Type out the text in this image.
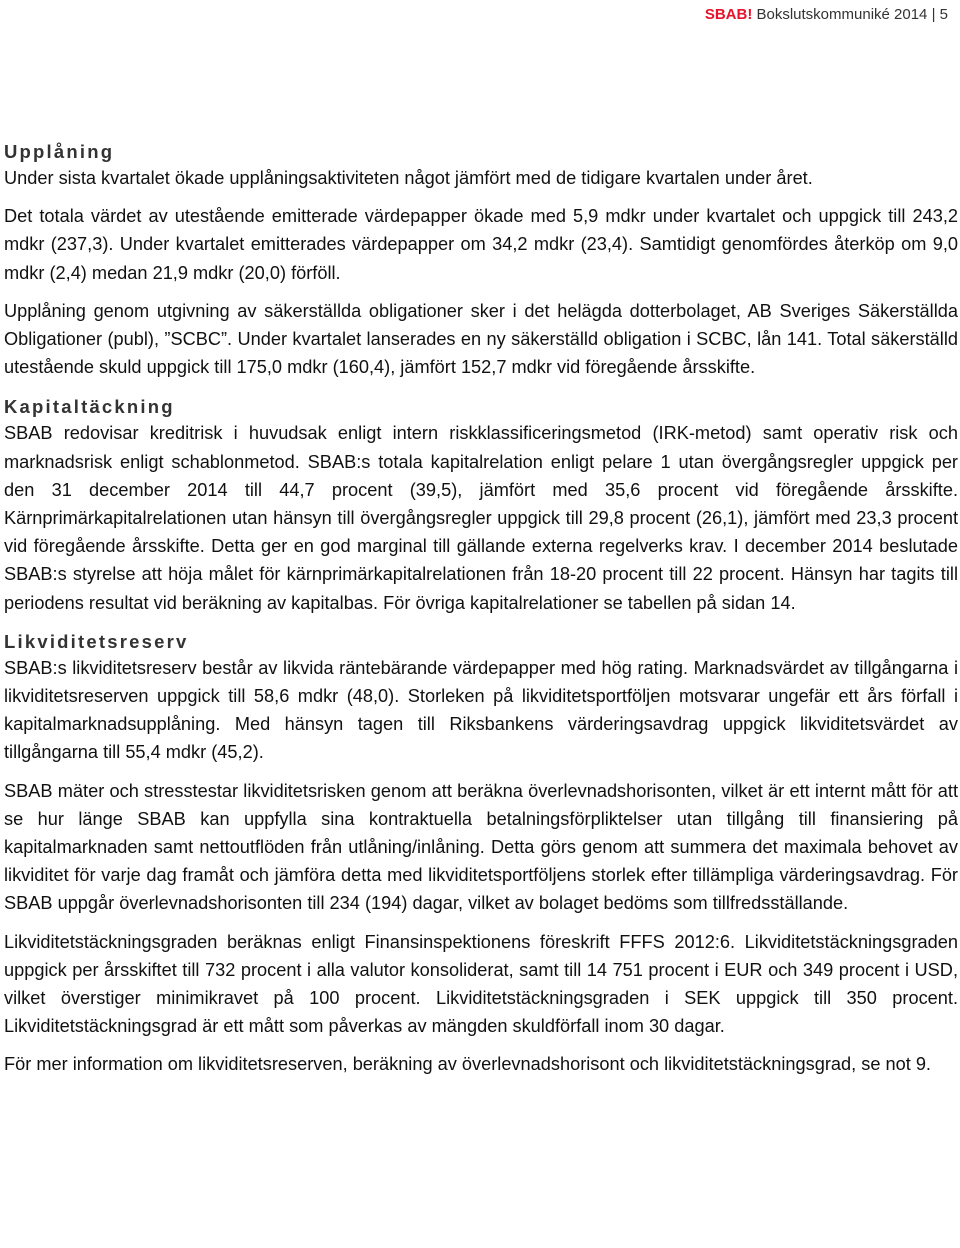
SBAB! Bokslutskommuniké 2014 | 5
Upplåning

Under sista kvartalet ökade upplåningsaktiviteten något jämfört med de tidigare kvartalen under året.

Det totala värdet av utestående emitterade värdepapper ökade med 5,9 mdkr under kvartalet och uppgick till 243,2 mdkr (237,3). Under kvartalet emitterades värdepapper om 34,2 mdkr (23,4). Samtidigt genomfördes återköp om 9,0 mdkr (2,4) medan 21,9 mdkr (20,0) förföll.

Upplåning genom utgivning av säkerställda obligationer sker i det helägda dotterbolaget, AB Sveriges Säkerställda Obligationer (publ), ”SCBC”. Under kvartalet lanserades en ny säkerställd obligation i SCBC, lån 141. Total säkerställd utestående skuld uppgick till 175,0 mdkr (160,4), jämfört 152,7 mdkr vid föregående årsskifte.

Kapitaltäckning

SBAB redovisar kreditrisk i huvudsak enligt intern riskklassificeringsmetod (IRK-metod) samt operativ risk och marknadsrisk enligt schablonmetod. SBAB:s totala kapitalrelation enligt pelare 1 utan övergångsregler uppgick per den 31 december 2014 till 44,7 procent (39,5), jämfört med 35,6 procent vid föregående årsskifte. Kärnprimärkapitalrelationen utan hänsyn till övergångsregler uppgick till 29,8 procent (26,1), jämfört med 23,3 procent vid föregående årsskifte. Detta ger en god marginal till gällande externa regelverks krav. I december 2014 beslutade SBAB:s styrelse att höja målet för kärnprimärkapitalrelationen från 18-20 procent till 22 procent. Hänsyn har tagits till periodens resultat vid beräkning av kapitalbas. För övriga kapitalrelationer se tabellen på sidan 14.

Likviditetsreserv

SBAB:s likviditetsreserv består av likvida räntebärande värdepapper med hög rating. Marknadsvärdet av tillgångarna i likviditetsreserven uppgick till 58,6 mdkr (48,0). Storleken på likviditetsportföljen motsvarar ungefär ett års förfall i kapitalmarknadsupplåning. Med hänsyn tagen till Riksbankens värderingsavdrag uppgick likviditetsvärdet av tillgångarna till 55,4 mdkr (45,2).

SBAB mäter och stresstestar likviditetsrisken genom att beräkna överlevnadshorisonten, vilket är ett internt mått för att se hur länge SBAB kan uppfylla sina kontraktuella betalningsförpliktelser utan tillgång till finansiering på kapitalmarknaden samt nettoutflöden från utlåning/inlåning. Detta görs genom att summera det maximala behovet av likviditet för varje dag framåt och jämföra detta med likviditetsportföljens storlek efter tillämpliga värderingsavdrag. För SBAB uppgår överlevnadshorisonten till 234 (194) dagar, vilket av bolaget bedöms som tillfredsställande.

Likviditetstäckningsgraden beräknas enligt Finansinspektionens föreskrift FFFS 2012:6. Likviditetstäckningsgraden uppgick per årsskiftet till 732 procent i alla valutor konsoliderat, samt till 14 751 procent i EUR och 349 procent i USD, vilket överstiger minimikravet på 100 procent. Likviditetstäckningsgraden i SEK uppgick till 350 procent. Likviditetstäckningsgrad är ett mått som påverkas av mängden skuldförfall inom 30 dagar.

För mer information om likviditetsreserven, beräkning av överlevnadshorisont och likviditetstäckningsgrad, se not 9.
